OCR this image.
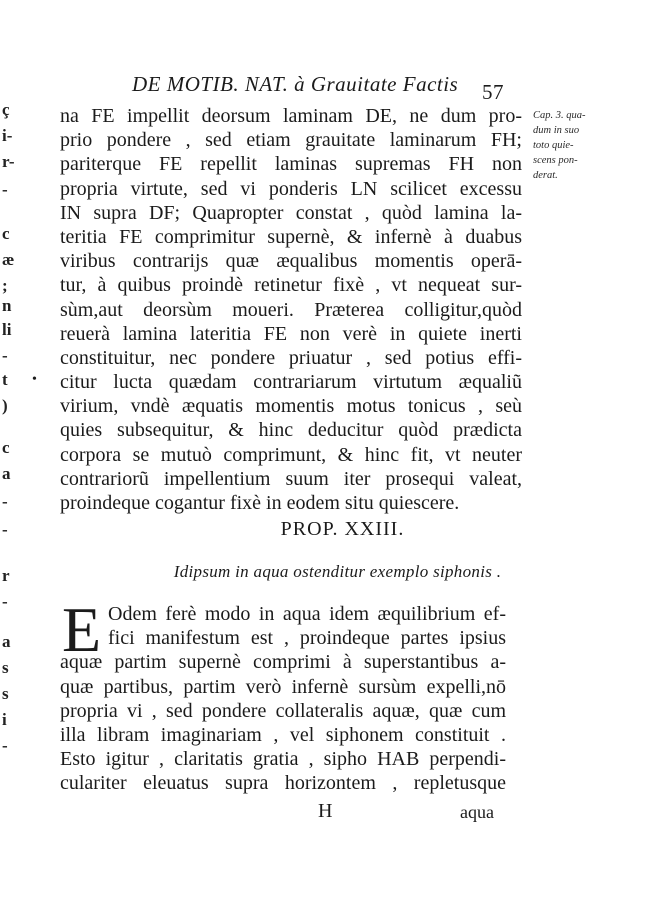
ç
i-
r-
-
c
æ
;
n
li
-
t
)
c
a
-
-
r
-
a
s
s
i
-
•
DE MOTIB. NAT. à Grauitate Factis 57
Cap. 3. qua-
dum in suo
toto quie-
scens pon-
derat.
na FE impellit deorsum laminam DE, ne dum pro-
prio pondere , sed etiam grauitate laminarum FH;
pariterque FE repellit laminas supremas FH non
propria virtute, sed vi ponderis LN scilicet excessu
IN supra DF; Quapropter constat , quòd lamina la-
teritia FE comprimitur supernè, & infernè à duabus
viribus contrarijs quæ æqualibus momentis operā-
tur, à quibus proindè retinetur fixè , vt nequeat sur-
sùm,aut deorsùm moueri. Præterea colligitur,quòd
reuerà lamina lateritia FE non verè in quiete inerti
constituitur, nec pondere priuatur , sed potius effi-
citur lucta quædam contrariarum virtutum æqualiũ
virium, vndè æquatis momentis motus tonicus , seù
quies subsequitur, & hinc deducitur quòd prædicta
corpora se mutuò comprimunt, & hinc fit, vt neuter
contrariorũ impellentium suum iter prosequi valeat,
proindeque cogantur fixè in eodem situ quiescere.
PROP. XXIII.
Idipsum in aqua ostenditur exemplo siphonis .
E Odem ferè modo in aqua idem æquilibrium ef-
fici manifestum est , proindeque partes ipsius
aquæ partim supernè comprimi à superstantibus a-
quæ partibus, partim verò infernè sursùm expelli,nō
propria vi , sed pondere collateralis aquæ, quæ cum
illa libram imaginariam , vel siphonem constituit .
Esto igitur , claritatis gratia , sipho HAB perpendi-
culariter eleuatus supra horizontem , repletusque
H	aqua
